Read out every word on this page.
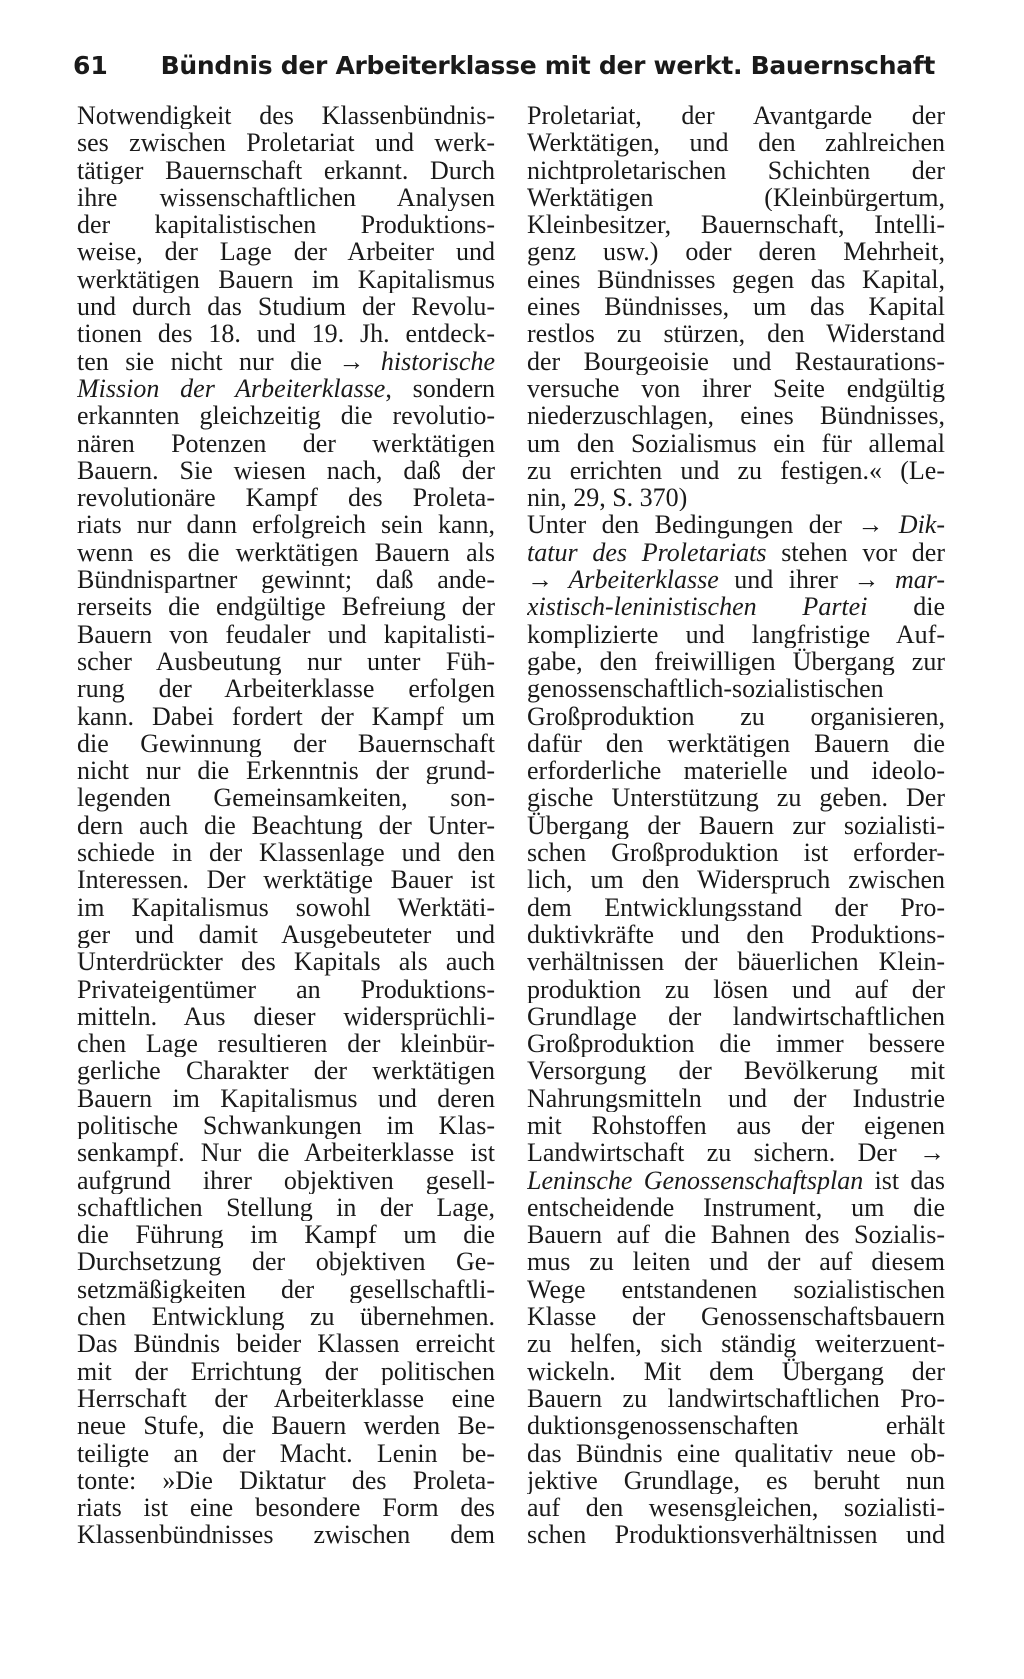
61 Bündnis der Arbeiterklasse mit der werkt. Bauernschaft
Notwendigkeit des Klassenbündnis-
ses zwischen Proletariat und werk-
tätiger Bauernschaft erkannt. Durch
ihre wissenschaftlichen Analysen
der kapitalistischen Produktions-
weise, der Lage der Arbeiter und
werktätigen Bauern im Kapitalismus
und durch das Studium der Revolu-
tionen des 18. und 19. Jh. entdeck-
ten sie nicht nur die → historische
Mission der Arbeiterklasse, sondern
erkannten gleichzeitig die revolutio-
nären Potenzen der werktätigen
Bauern. Sie wiesen nach, daß der
revolutionäre Kampf des Proleta-
riats nur dann erfolgreich sein kann,
wenn es die werktätigen Bauern als
Bündnispartner gewinnt; daß ande-
rerseits die endgültige Befreiung der
Bauern von feudaler und kapitalisti-
scher Ausbeutung nur unter Füh-
rung der Arbeiterklasse erfolgen
kann. Dabei fordert der Kampf um
die Gewinnung der Bauernschaft
nicht nur die Erkenntnis der grund-
legenden Gemeinsamkeiten, son-
dern auch die Beachtung der Unter-
schiede in der Klassenlage und den
Interessen. Der werktätige Bauer ist
im Kapitalismus sowohl Werktäti-
ger und damit Ausgebeuteter und
Unterdrückter des Kapitals als auch
Privateigentümer an Produktions-
mitteln. Aus dieser widersprüchli-
chen Lage resultieren der kleinbür-
gerliche Charakter der werktätigen
Bauern im Kapitalismus und deren
politische Schwankungen im Klas-
senkampf. Nur die Arbeiterklasse ist
aufgrund ihrer objektiven gesell-
schaftlichen Stellung in der Lage,
die Führung im Kampf um die
Durchsetzung der objektiven Ge-
setzmäßigkeiten der gesellschaftli-
chen Entwicklung zu übernehmen.
Das Bündnis beider Klassen erreicht
mit der Errichtung der politischen
Herrschaft der Arbeiterklasse eine
neue Stufe, die Bauern werden Be-
teiligte an der Macht. Lenin be-
tonte: »Die Diktatur des Proleta-
riats ist eine besondere Form des
Klassenbündnisses zwischen dem
Proletariat, der Avantgarde der
Werktätigen, und den zahlreichen
nichtproletarischen Schichten der
Werktätigen (Kleinbürgertum,
Kleinbesitzer, Bauernschaft, Intelli-
genz usw.) oder deren Mehrheit,
eines Bündnisses gegen das Kapital,
eines Bündnisses, um das Kapital
restlos zu stürzen, den Widerstand
der Bourgeoisie und Restaurations-
versuche von ihrer Seite endgültig
niederzuschlagen, eines Bündnisses,
um den Sozialismus ein für allemal
zu errichten und zu festigen.« (Le-
nin, 29, S. 370)
Unter den Bedingungen der → Dik-
tatur des Proletariats stehen vor der
→ Arbeiterklasse und ihrer → mar-
xistisch-leninistischen Partei die
komplizierte und langfristige Auf-
gabe, den freiwilligen Übergang zur
genossenschaftlich-sozialistischen
Großproduktion zu organisieren,
dafür den werktätigen Bauern die
erforderliche materielle und ideolo-
gische Unterstützung zu geben. Der
Übergang der Bauern zur sozialisti-
schen Großproduktion ist erforder-
lich, um den Widerspruch zwischen
dem Entwicklungsstand der Pro-
duktivkräfte und den Produktions-
verhältnissen der bäuerlichen Klein-
produktion zu lösen und auf der
Grundlage der landwirtschaftlichen
Großproduktion die immer bessere
Versorgung der Bevölkerung mit
Nahrungsmitteln und der Industrie
mit Rohstoffen aus der eigenen
Landwirtschaft zu sichern. Der →
Leninsche Genossenschaftsplan ist das
entscheidende Instrument, um die
Bauern auf die Bahnen des Sozialis-
mus zu leiten und der auf diesem
Wege entstandenen sozialistischen
Klasse der Genossenschaftsbauern
zu helfen, sich ständig weiterzuent-
wickeln. Mit dem Übergang der
Bauern zu landwirtschaftlichen Pro-
duktionsgenossenschaften erhält
das Bündnis eine qualitativ neue ob-
jektive Grundlage, es beruht nun
auf den wesensgleichen, sozialisti-
schen Produktionsverhältnissen und
